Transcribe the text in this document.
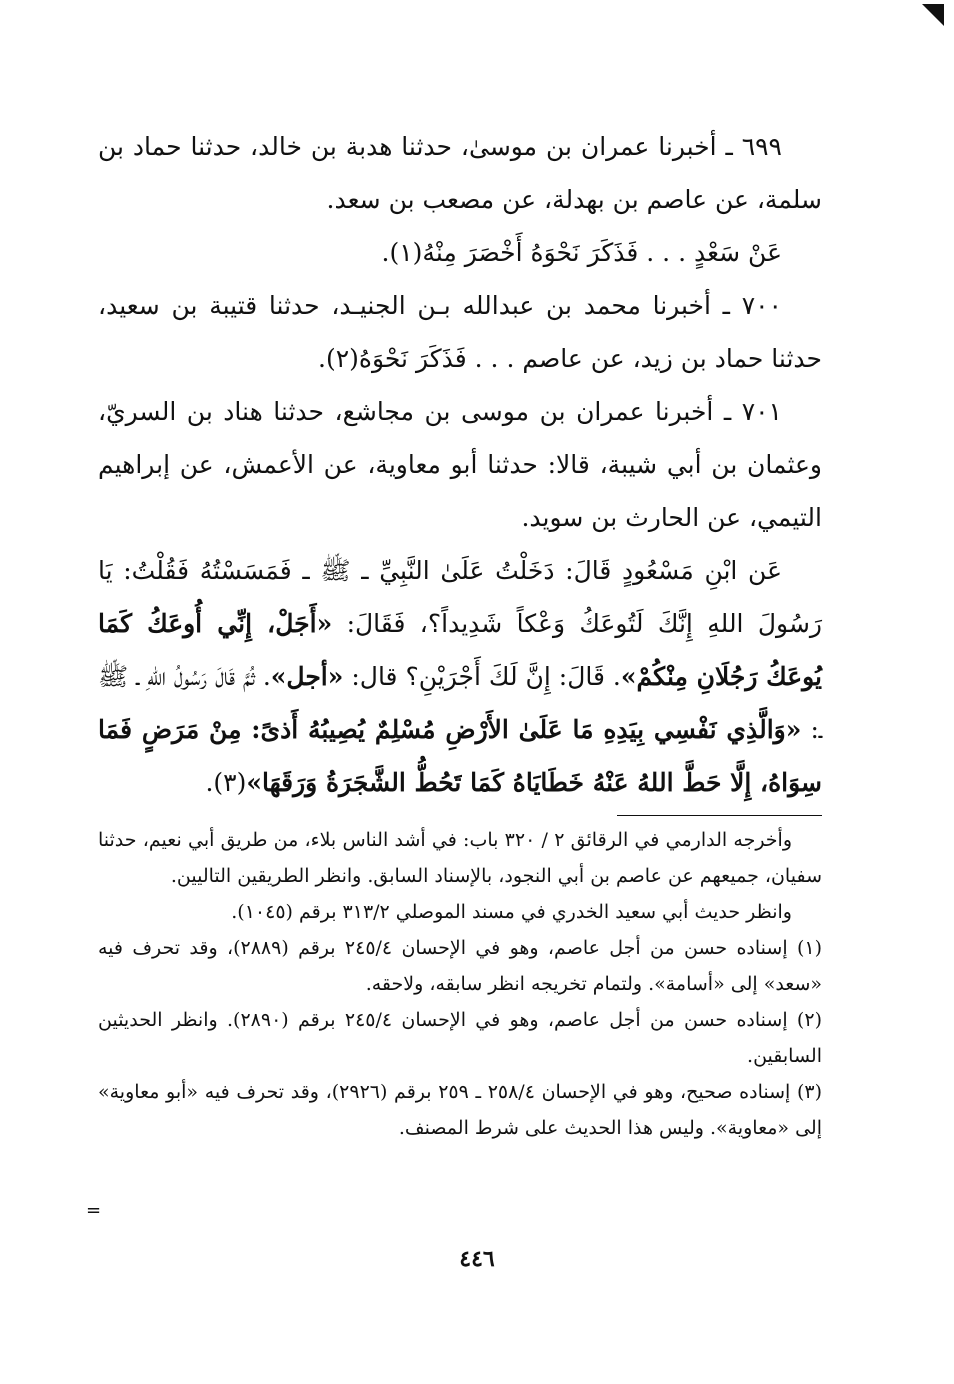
٦٩٩ ـ أخبرنا عمران بن موسىٰ، حدثنا هدبة بن خالد، حدثنا حماد بن سلمة، عن عاصم بن بهدلة، عن مصعب بن سعد.

عَنْ سَعْدٍ . . . فَذَكَرَ نَحْوَهُ أَخْصَرَ مِنْهُ(١).

٧٠٠ ـ أخبرنا محمد بن عبدالله بـن الجنيـد، حدثنا قتيبة بن سعيد، حدثنا حماد بن زيد، عن عاصم . . . فَذَكَرَ نَحْوَهُ(٢).

٧٠١ ـ أخبرنا عمران بن موسى بن مجاشع، حدثنا هناد بن السريّ، وعثمان بن أبي شيبة، قالا: حدثنا أبو معاوية، عن الأعمش، عن إبراهيم التيمي، عن الحارث بن سويد.

عَن ابْنِ مَسْعُودٍ قَالَ: دَخَلْتُ عَلَىٰ النَّبِيِّ ـ ﷺ ـ فَمَسَسْتُهُ فَقُلْتُ: يَا رَسُولَ اللهِ إِنَّكَ لَتُوعَكُ وَعْكاً شَدِيداً؟، فَقَالَ: «أَجَلْ، إِنِّي أُوعَكُ كَمَا يُوعَكُ رَجُلَانِ مِنْكُمْ». قَالَ: إِنَّ لَكَ أَجْرَيْنِ؟ قال: «أجل». ثُمَّ قَالَ رَسُولُ اللهِ ـ ﷺ ـ: «وَالَّذِي نَفْسِي بِيَدِهِ مَا عَلَىٰ الأَرْضِ مُسْلِمٌ يُصِيبُهُ أَذىً: مِنْ مَرَضٍ فَمَا سِوَاهُ، إِلَّا حَطَّ اللهُ عَنْهُ خَطَايَاهُ كَمَا تَحُطُّ الشَّجَرَةُ وَرَقَهَا»(٣).

وأخرجه الدارمي في الرقائق ٢ / ٣٢٠ باب: في أشد الناس بلاء، من طريق أبي نعيم، حدثنا سفيان، جميعهم عن عاصم بن أبي النجود، بالإسناد السابق. وانظر الطريقين التاليين.

وانظر حديث أبي سعيد الخدري في مسند الموصلي ٣١٣/٢ برقم (١٠٤٥).

(١) إسناده حسن من أجل عاصم، وهو في الإحسان ٢٤٥/٤ برقم (٢٨٨٩)، وقد تحرف فيه «سعد» إلى «أسامة». ولتمام تخريجه انظر سابقه، ولاحقه.

(٢) إسناده حسن من أجل عاصم، وهو في الإحسان ٢٤٥/٤ برقم (٢٨٩٠). وانظر الحديثين السابقين.

(٣) إسناده صحيح، وهو في الإحسان ٢٥٨/٤ ـ ٢٥٩ برقم (٢٩٢٦)، وقد تحرف فيه «أبو معاوية» إلى «معاوية». وليس هذا الحديث على شرط المصنف.

=
٤٤٦
